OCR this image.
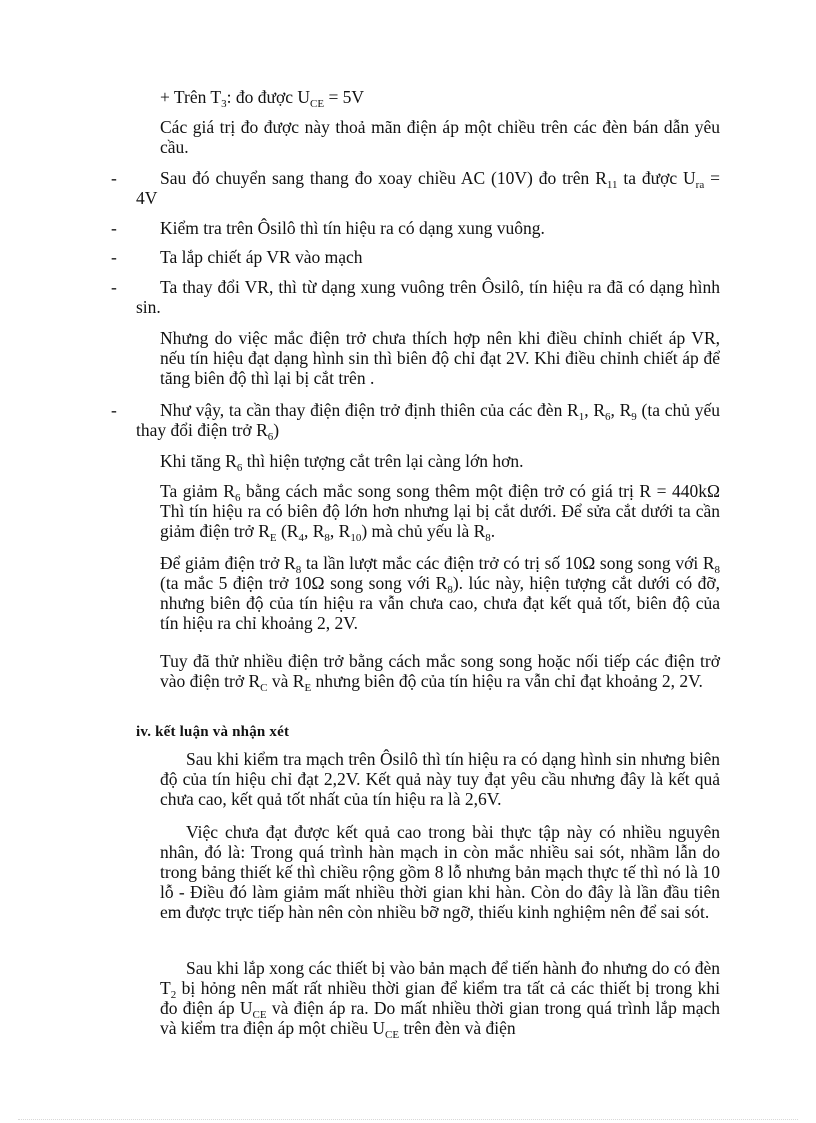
+ Trên $T_3$: đo được $U_{CE} = 5V$
Các giá trị đo được này thoả mãn điện áp một chiều trên các đèn bán dẫn yêu cầu.
-	Sau đó chuyển sang thang đo xoay chiều AC (10V) đo trên $R_{11}$ ta được $U_{ra} = 4V$
-	Kiểm tra trên Ôsilô thì tín hiệu ra có dạng xung vuông.
-	Ta lắp chiết áp VR vào mạch
-	Ta thay đổi VR, thì từ dạng xung vuông trên Ôsilô, tín hiệu ra đã có dạng hình sin.
Nhưng do việc mắc điện trở chưa thích hợp nên khi điều chỉnh chiết áp VR, nếu tín hiệu đạt dạng hình sin thì biên độ chỉ đạt 2V. Khi điều chỉnh chiết áp để tăng biên độ thì lại bị cắt trên .
-	Như vậy, ta cần thay điện điện trở định thiên của các đèn $R_1$, $R_6$, $R_9$ (ta chủ yếu thay đổi điện trở $R_6$)
Khi tăng $R_6$ thì hiện tượng cắt trên lại càng lớn hơn.
Ta giảm $R_6$ bằng cách mắc song song thêm một điện trở có giá trị R = 440kΩ Thì tín hiệu ra có biên độ lớn hơn nhưng lại bị cắt dưới. Để sửa cắt dưới ta cần giảm điện trở $R_E$ ($R_4$, $R_8$, $R_{10}$) mà chủ yếu là $R_8$.
Để giảm điện trở $R_8$ ta lần lượt mắc các điện trở có trị số 10Ω song song với $R_8$ (ta mắc 5 điện trở 10Ω song song với $R_8$). lúc này, hiện tượng cắt dưới có đỡ, nhưng biên độ của tín hiệu ra vẫn chưa cao, chưa đạt kết quả tốt, biên độ của tín hiệu ra chỉ khoảng 2, 2V.
Tuy đã thử nhiều điện trở bằng cách mắc song song hoặc nối tiếp các điện trở vào điện trở $R_C$ và $R_E$ nhưng biên độ của tín hiệu ra vẫn chỉ đạt khoảng 2, 2V.
iv. kết luận và nhận xét
Sau khi kiểm tra mạch trên Ôsilô thì tín hiệu ra có dạng hình sin nhưng biên độ của tín hiệu chỉ đạt 2,2V. Kết quả này tuy đạt yêu cầu nhưng đây là kết quả chưa cao, kết quả tốt nhất của tín hiệu ra là 2,6V.
Việc chưa đạt được kết quả cao trong bài thực tập này có nhiều nguyên nhân, đó là: Trong quá trình hàn mạch in còn mắc nhiều sai sót, nhầm lẫn do trong bảng thiết kế thì chiều rộng gồm 8 lỗ nhưng bản mạch thực tế thì nó là 10 lỗ - Điều đó làm giảm mất nhiều thời gian khi hàn. Còn do đây là lần đầu tiên em được trực tiếp hàn nên còn nhiều bỡ ngỡ, thiếu kinh nghiệm nên để sai sót.
Sau khi lắp xong các thiết bị vào bản mạch để tiến hành đo nhưng do có đèn $T_2$ bị hỏng nên mất rất nhiều thời gian để kiểm tra tất cả các thiết bị trong khi đo điện áp $U_{CE}$ và điện áp ra. Do mất nhiều thời gian trong quá trình lắp mạch và kiểm tra điện áp một chiều $U_{CE}$ trên đèn và điện
